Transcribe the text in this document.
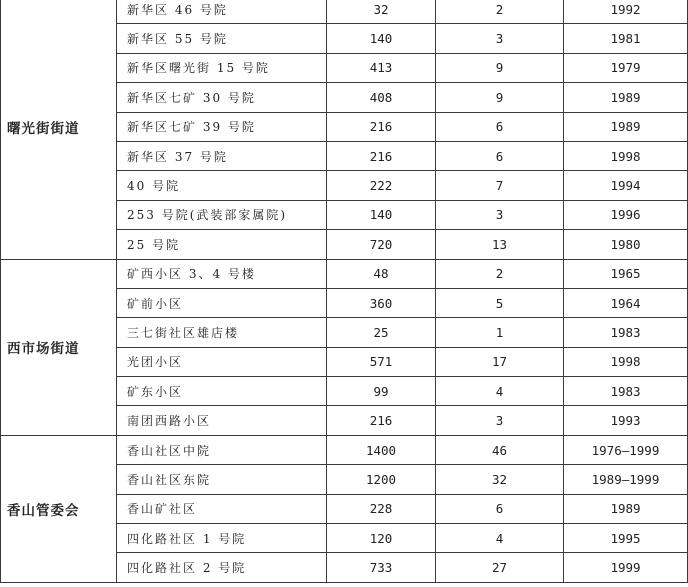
曙光街街道	新华区 46 号院	32	2	1992
	新华区 55 号院	140	3	1981
	新华区曙光街 15 号院	413	9	1979
	新华区七矿 30 号院	408	9	1989
	新华区七矿 39 号院	216	6	1989
	新华区 37 号院	216	6	1998
	40 号院	222	7	1994
	253 号院(武装部家属院)	140	3	1996
	25 号院	720	13	1980
西市场街道	矿西小区 3、4 号楼	48	2	1965
	矿前小区	360	5	1964
	三七街社区雄店楼	25	1	1983
	光团小区	571	17	1998
	矿东小区	99	4	1983
	南团西路小区	216	3	1993
香山管委会	香山社区中院	1400	46	1976—1999
	香山社区东院	1200	32	1989—1999
	香山矿社区	228	6	1989
	四化路社区 1 号院	120	4	1995
	四化路社区 2 号院	733	27	1999
